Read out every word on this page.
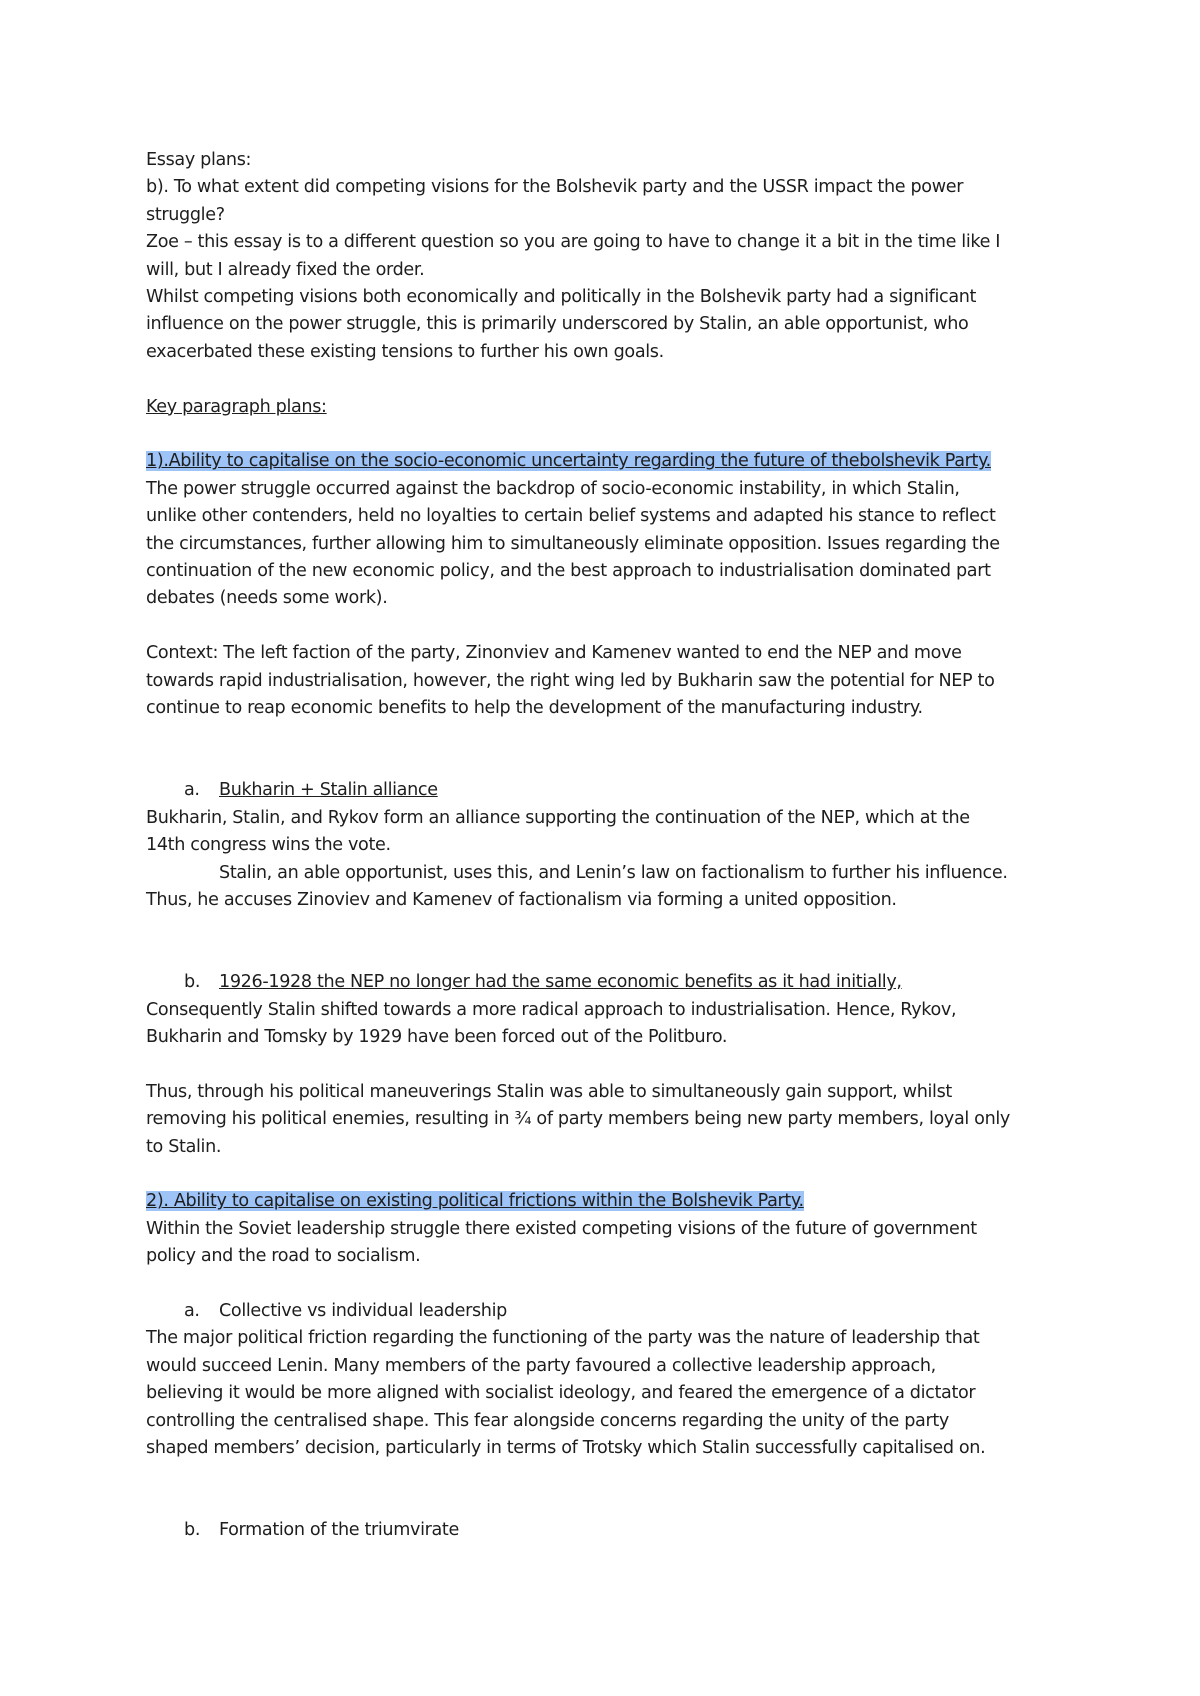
Essay plans:

b). To what extent did competing visions for the Bolshevik party and the USSR impact the power

struggle?

Zoe – this essay is to a different question so you are going to have to change it a bit in the time like I

will, but I already fixed the order.

Whilst competing visions both economically and politically in the Bolshevik party had a significant

influence on the power struggle, this is primarily underscored by Stalin, an able opportunist, who

exacerbated these existing tensions to further his own goals.

Key paragraph plans:

1).Ability to capitalise on the socio-economic uncertainty regarding the future of thebolshevik Party.

The power struggle occurred against the backdrop of socio-economic instability, in which Stalin,

unlike other contenders, held no loyalties to certain belief systems and adapted his stance to reflect

the circumstances, further allowing him to simultaneously eliminate opposition. Issues regarding the

continuation of the new economic policy, and the best approach to industrialisation dominated part

debates (needs some work).

Context: The left faction of the party, Zinonviev and Kamenev wanted to end the NEP and move

towards rapid industrialisation, however, the right wing led by Bukharin saw the potential for NEP to

continue to reap economic benefits to help the development of the manufacturing industry.

a. Bukharin + Stalin alliance

Bukharin, Stalin, and Rykov form an alliance supporting the continuation of the NEP, which at the

14th congress wins the vote.

Stalin, an able opportunist, uses this, and Lenin’s law on factionalism to further his influence.

Thus, he accuses Zinoviev and Kamenev of factionalism via forming a united opposition.

b. 1926-1928 the NEP no longer had the same economic benefits as it had initially,

Consequently Stalin shifted towards a more radical approach to industrialisation. Hence, Rykov,

Bukharin and Tomsky by 1929 have been forced out of the Politburo.

Thus, through his political maneuverings Stalin was able to simultaneously gain support, whilst

removing his political enemies, resulting in ¾ of party members being new party members, loyal only

to Stalin.

2). Ability to capitalise on existing political frictions within the Bolshevik Party.

Within the Soviet leadership struggle there existed competing visions of the future of government

policy and the road to socialism.

a. Collective vs individual leadership

The major political friction regarding the functioning of the party was the nature of leadership that

would succeed Lenin. Many members of the party favoured a collective leadership approach,

believing it would be more aligned with socialist ideology, and feared the emergence of a dictator

controlling the centralised shape. This fear alongside concerns regarding the unity of the party

shaped members’ decision, particularly in terms of Trotsky which Stalin successfully capitalised on.

b. Formation of the triumvirate
